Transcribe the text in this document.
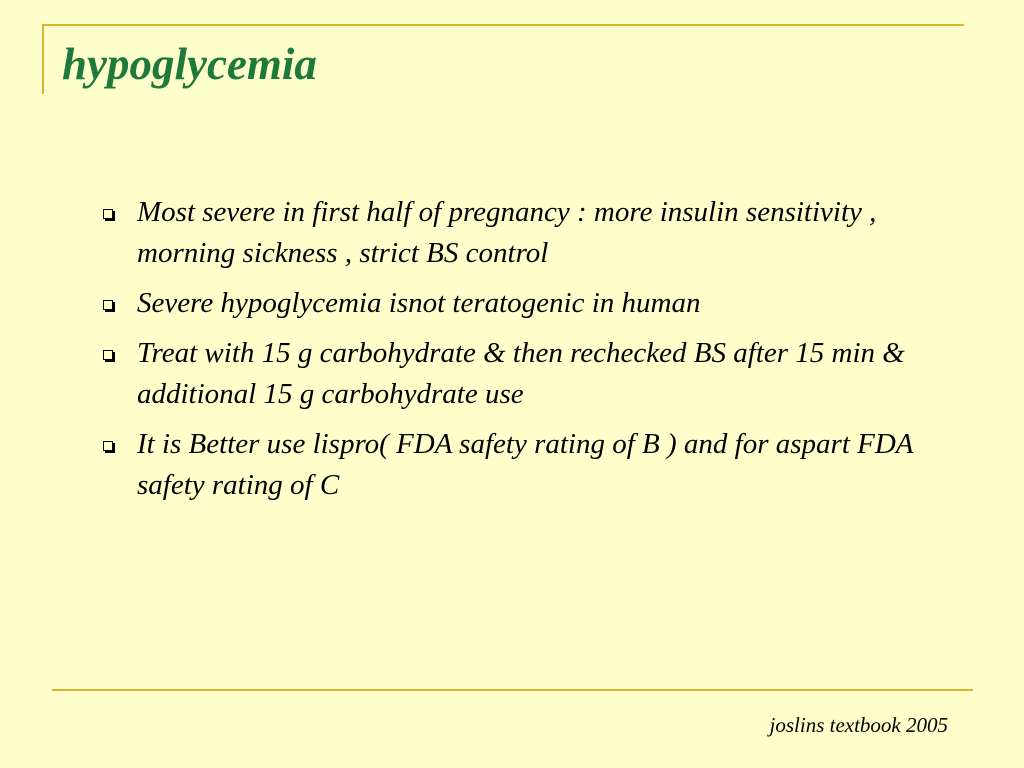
hypoglycemia
Most severe in first half of pregnancy : more insulin sensitivity , morning sickness , strict BS control
Severe hypoglycemia isnot teratogenic in human
Treat with 15 g carbohydrate & then rechecked BS after 15 min & additional 15 g carbohydrate use
It is Better use lispro( FDA safety rating of B ) and for aspart FDA safety rating of C

joslins textbook 2005
